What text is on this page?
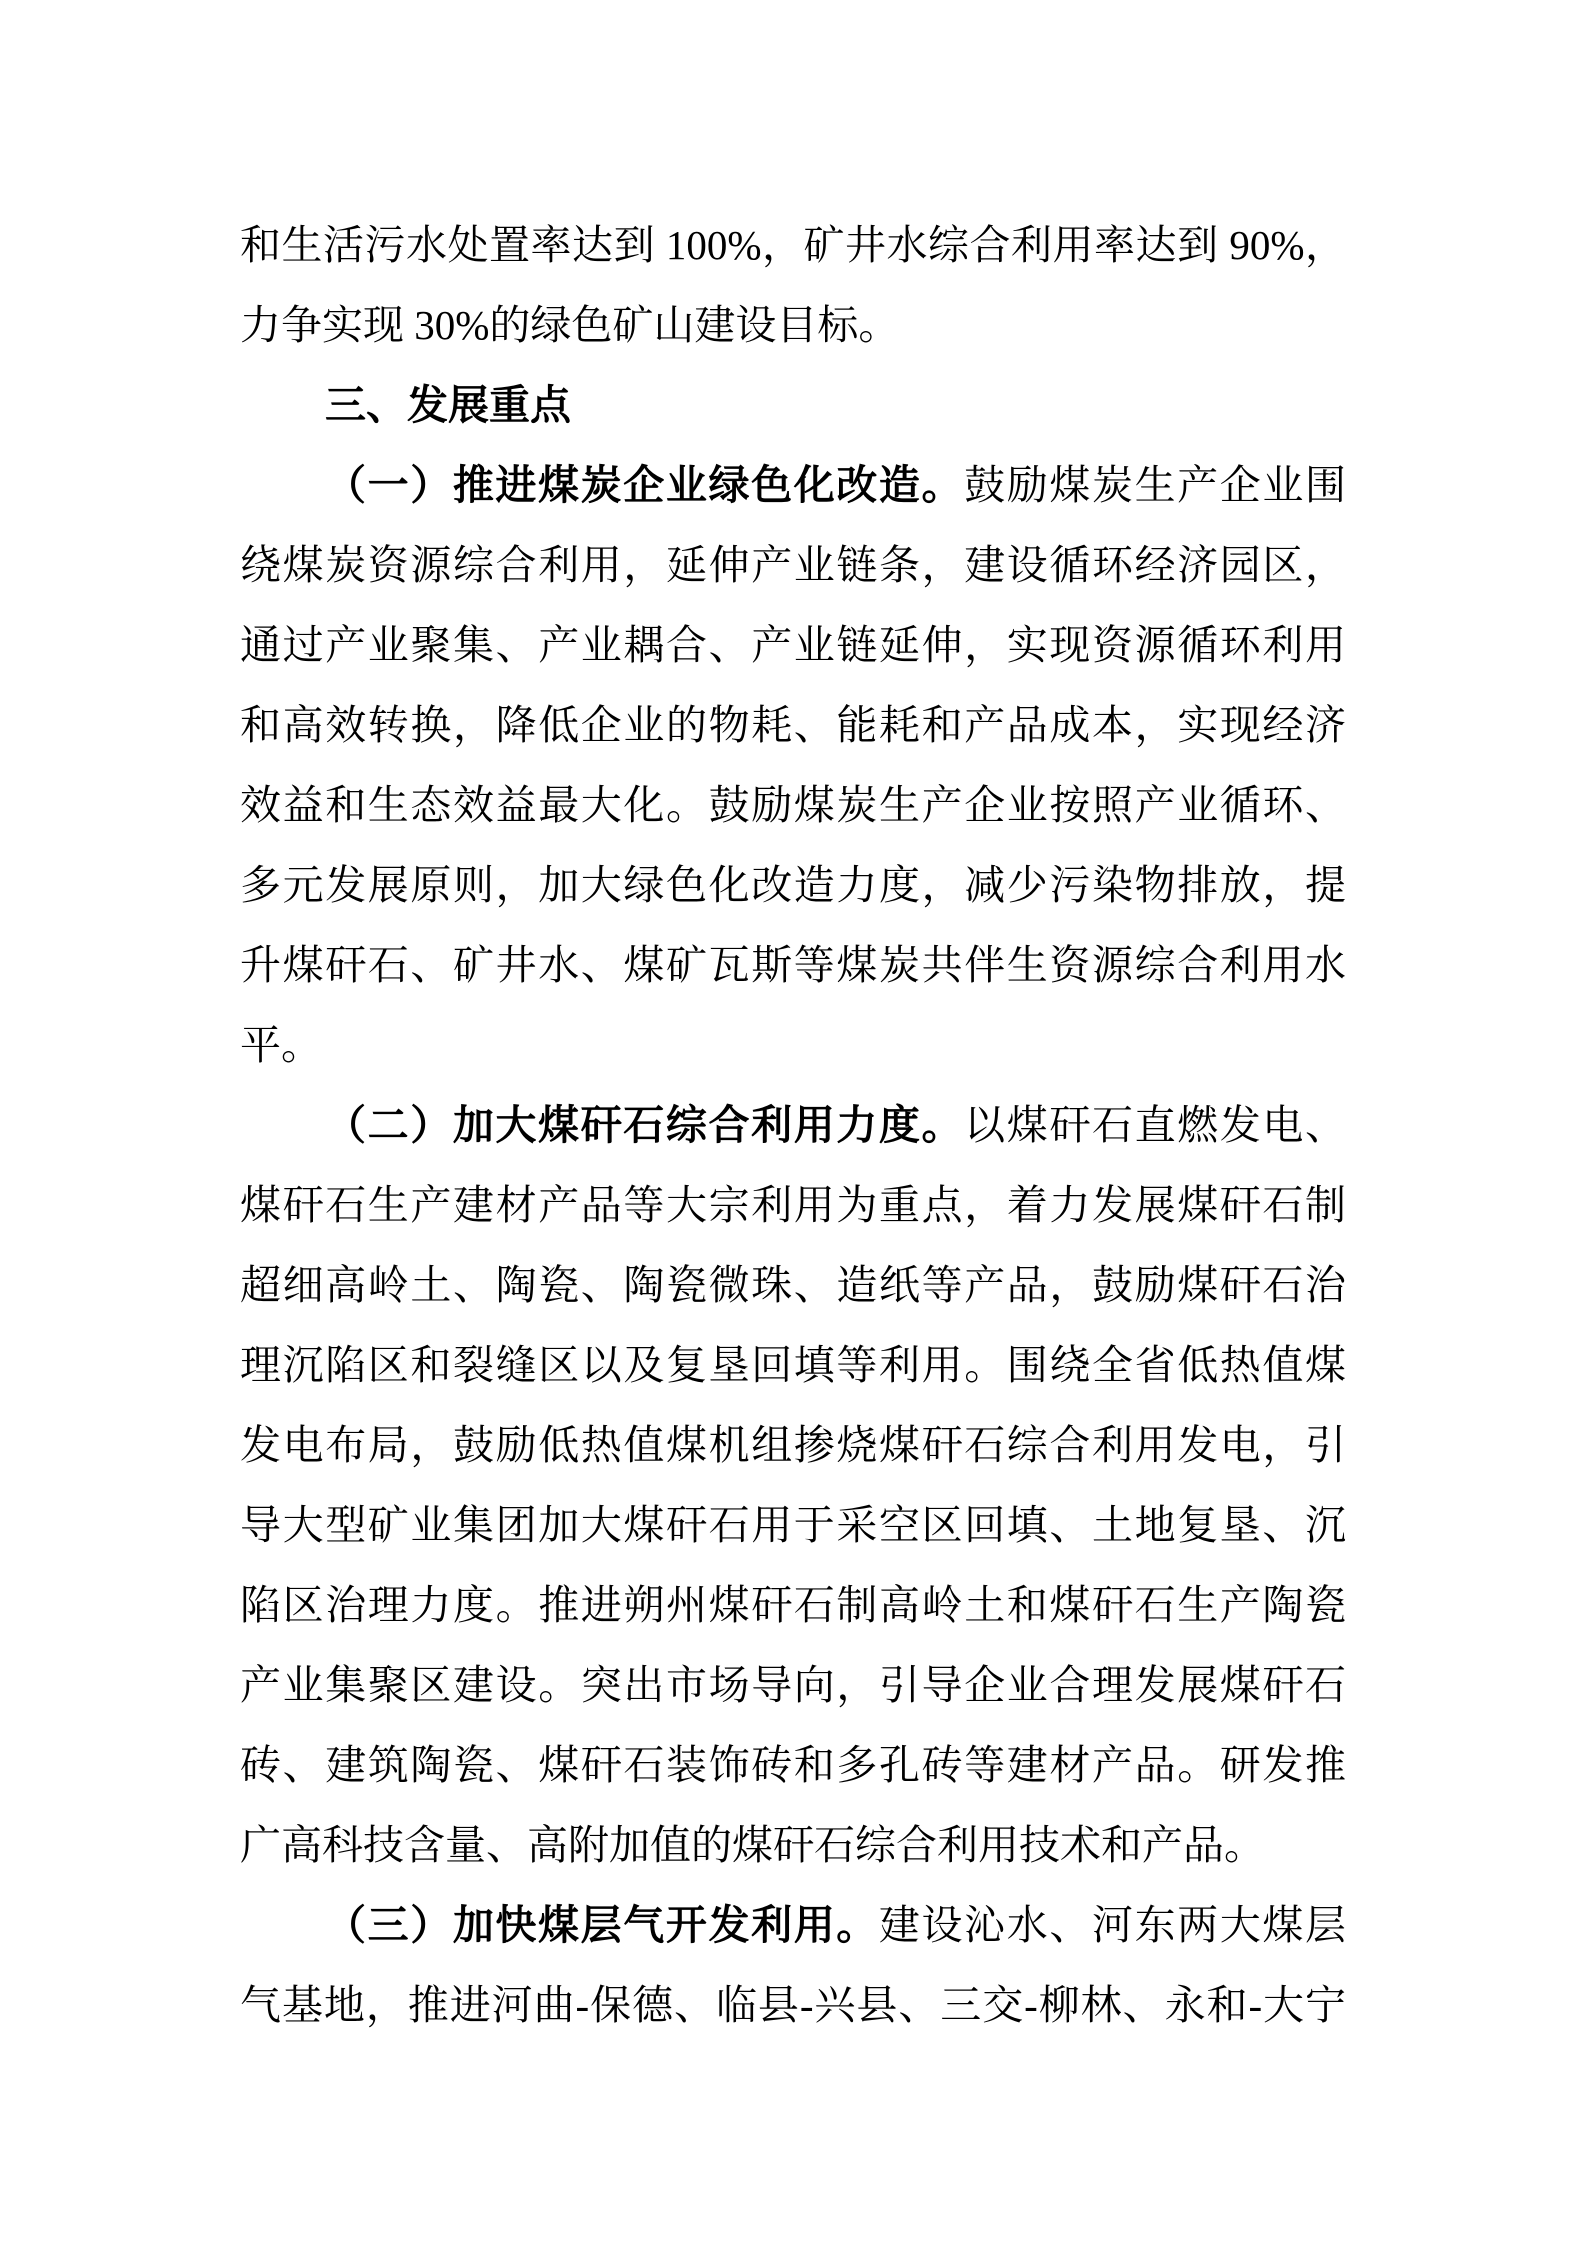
和生活污水处置率达到 100%，矿井水综合利用率达到 90%，
力争实现 30%的绿色矿山建设目标。
三、发展重点
（一）推进煤炭企业绿色化改造。鼓励煤炭生产企业围
绕煤炭资源综合利用，延伸产业链条，建设循环经济园区，
通过产业聚集、产业耦合、产业链延伸，实现资源循环利用
和高效转换，降低企业的物耗、能耗和产品成本，实现经济
效益和生态效益最大化。鼓励煤炭生产企业按照产业循环、
多元发展原则，加大绿色化改造力度，减少污染物排放，提
升煤矸石、矿井水、煤矿瓦斯等煤炭共伴生资源综合利用水
平。
（二）加大煤矸石综合利用力度。以煤矸石直燃发电、
煤矸石生产建材产品等大宗利用为重点，着力发展煤矸石制
超细高岭土、陶瓷、陶瓷微珠、造纸等产品，鼓励煤矸石治
理沉陷区和裂缝区以及复垦回填等利用。围绕全省低热值煤
发电布局，鼓励低热值煤机组掺烧煤矸石综合利用发电，引
导大型矿业集团加大煤矸石用于采空区回填、土地复垦、沉
陷区治理力度。推进朔州煤矸石制高岭土和煤矸石生产陶瓷
产业集聚区建设。突出市场导向，引导企业合理发展煤矸石
砖、建筑陶瓷、煤矸石装饰砖和多孔砖等建材产品。研发推
广高科技含量、高附加值的煤矸石综合利用技术和产品。
（三）加快煤层气开发利用。建设沁水、河东两大煤层
气基地，推进河曲-保德、临县-兴县、三交-柳林、永和-大宁
